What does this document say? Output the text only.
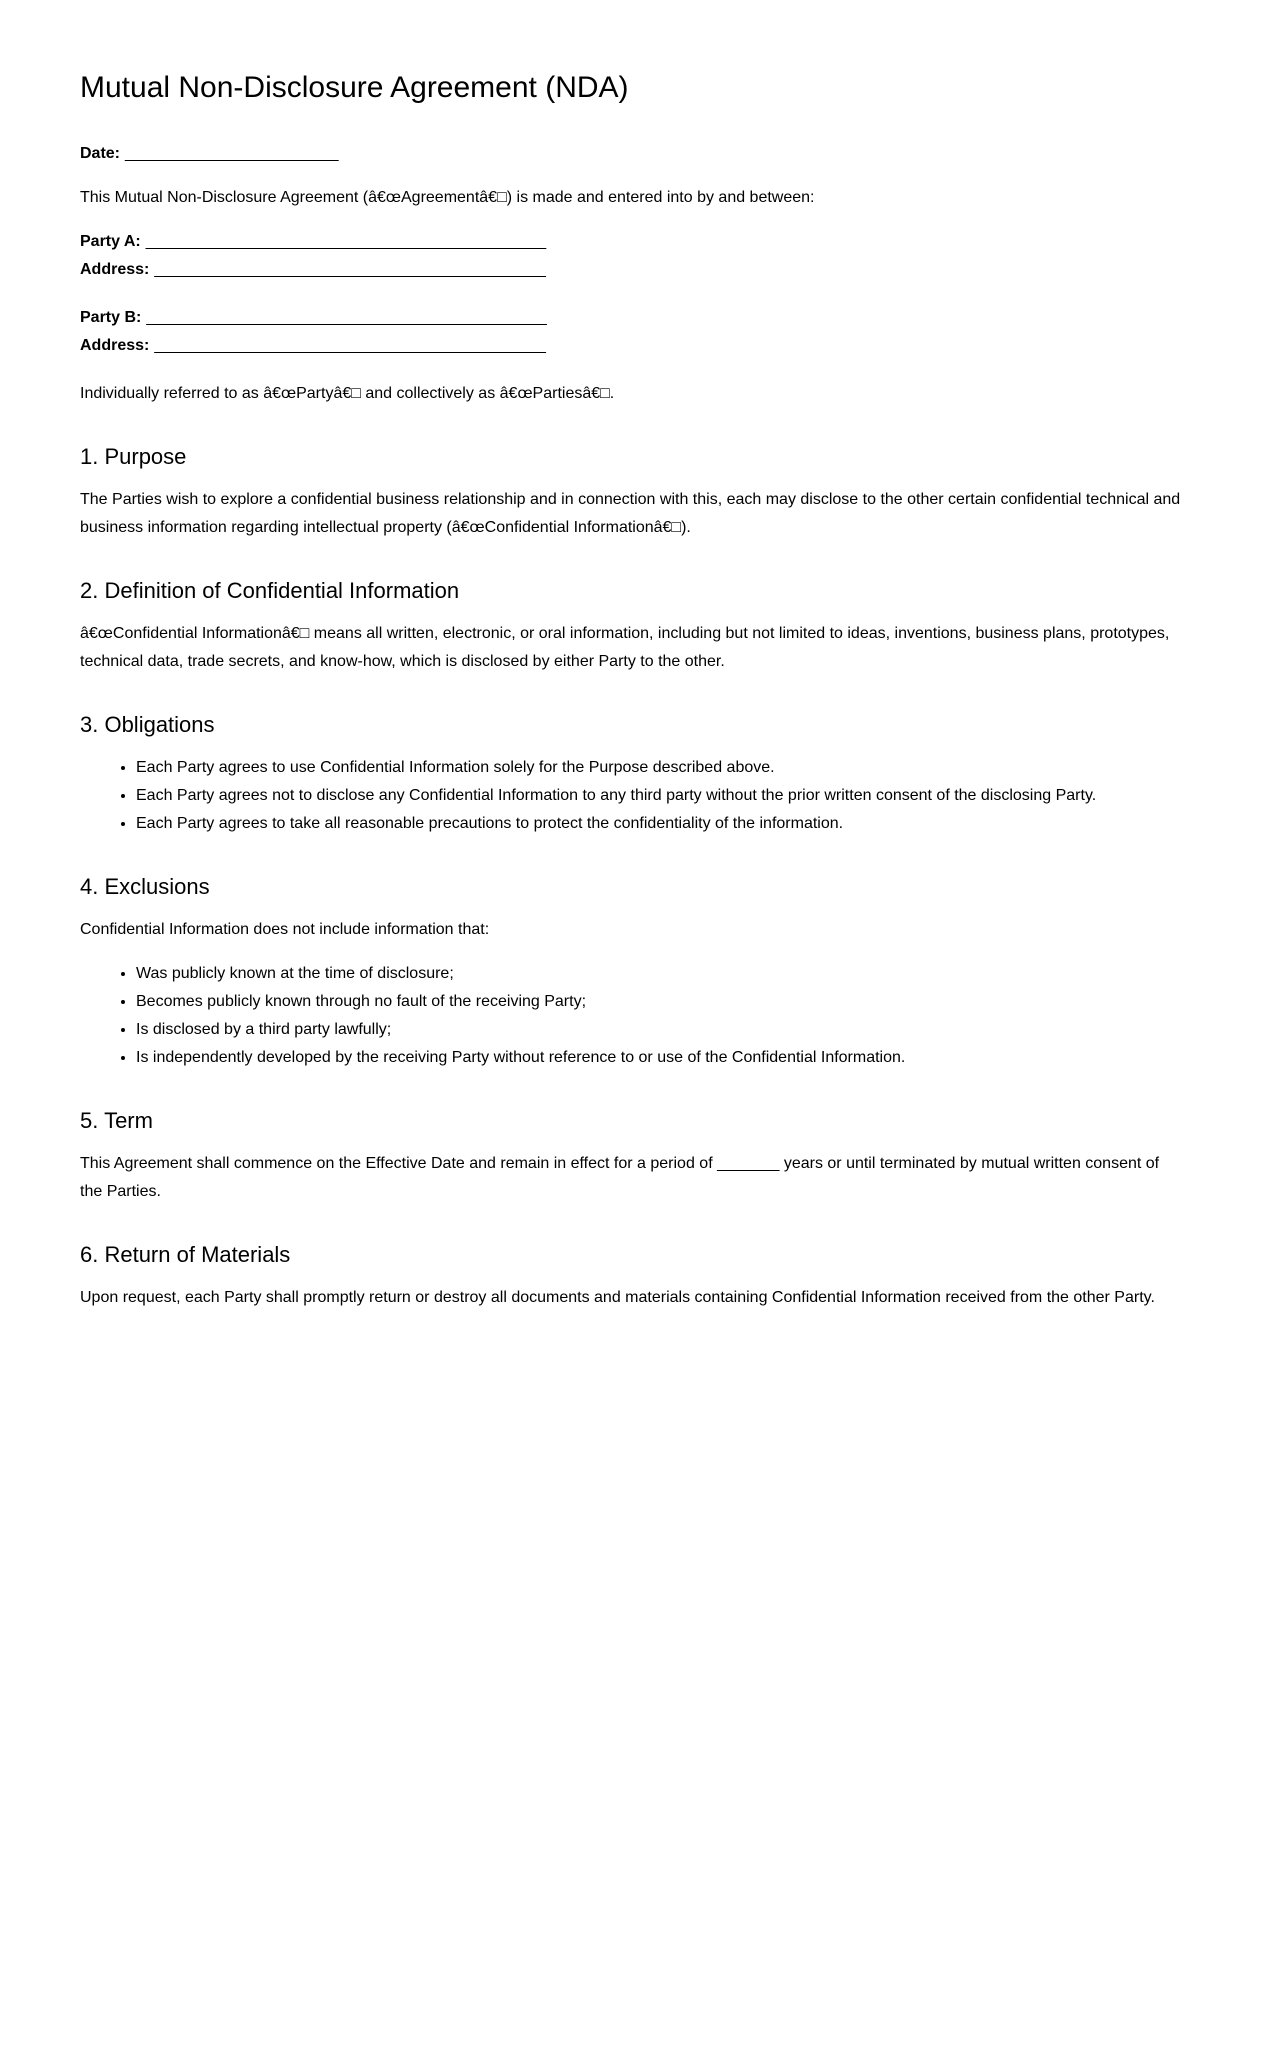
Mutual Non-Disclosure Agreement (NDA)

Date: ________________________

This Mutual Non-Disclosure Agreement (â€œAgreementâ€□) is made and entered into by and between:

Party A: _____________________________________________

Address: ____________________________________________

Party B: _____________________________________________

Address: ____________________________________________

Individually referred to as â€œPartyâ€□ and collectively as â€œPartiesâ€□.

1. Purpose

The Parties wish to explore a confidential business relationship and in connection with this, each may disclose to the other certain confidential technical and business information regarding intellectual property (â€œConfidential Informationâ€□).

2. Definition of Confidential Information

â€œConfidential Informationâ€□ means all written, electronic, or oral information, including but not limited to ideas, inventions, business plans, prototypes, technical data, trade secrets, and know-how, which is disclosed by either Party to the other.

3. Obligations
• Each Party agrees to use Confidential Information solely for the Purpose described above.
• Each Party agrees not to disclose any Confidential Information to any third party without the prior written consent of the disclosing Party.
• Each Party agrees to take all reasonable precautions to protect the confidentiality of the information.
4. Exclusions

Confidential Information does not include information that:

• Was publicly known at the time of disclosure;
• Becomes publicly known through no fault of the receiving Party;
• Is disclosed by a third party lawfully;
• Is independently developed by the receiving Party without reference to or use of the Confidential Information.
5. Term

This Agreement shall commence on the Effective Date and remain in effect for a period of _______ years or until terminated by mutual written consent of the Parties.

6. Return of Materials

Upon request, each Party shall promptly return or destroy all documents and materials containing Confidential Information received from the other Party.
